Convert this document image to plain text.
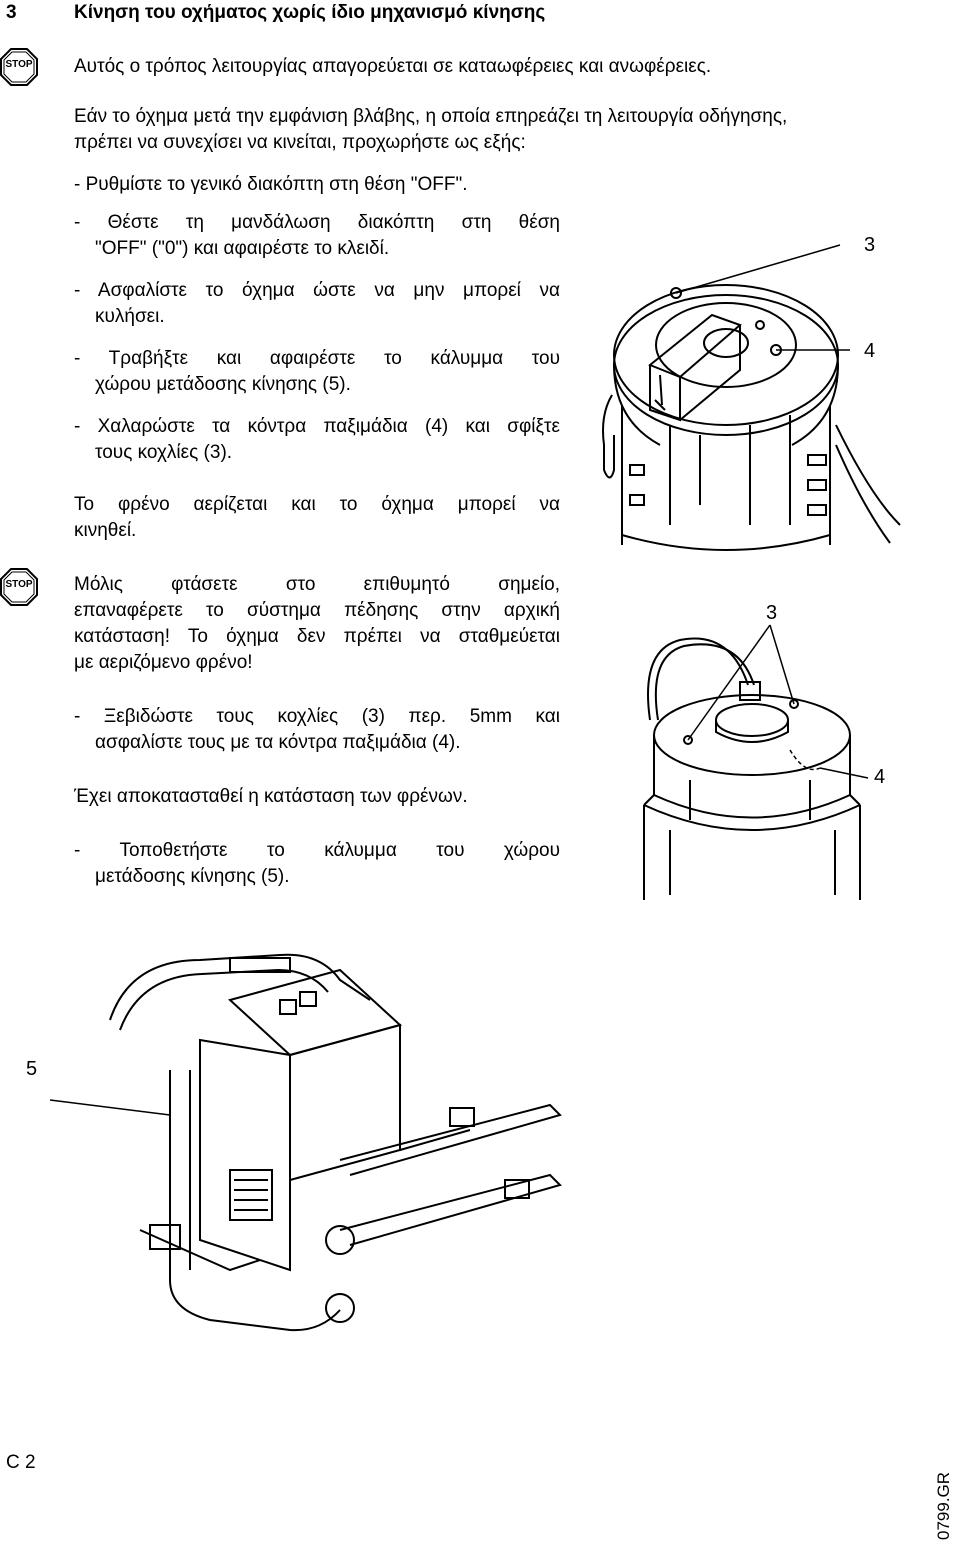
3	Κίνηση του οχήματος χωρίς ίδιο μηχανισμό κίνησης
STOP Αυτός ο τρόπος λειτουργίας απαγορεύεται σε καταωφέρειες και ανωφέρειες.
Εάν το όχημα μετά την εμφάνιση βλάβης, η οποία επηρεάζει τη λειτουργία οδήγησης,
πρέπει να συνεχίσει να κινείται, προχωρήστε ως εξής:
- Ρυθμίστε το γενικό διακόπτη στη θέση "OFF".
- Θέστε τη μανδάλωση διακόπτη στη θέση
"OFF" ("0") και αφαιρέστε το κλειδί.
- Ασφαλίστε το όχημα ώστε να μην μπορεί να
κυλήσει.
- Τραβήξτε και αφαιρέστε το κάλυμμα του
χώρου μετάδοσης κίνησης (5).
- Χαλαρώστε τα κόντρα παξιμάδια (4) και σφίξτε
τους κοχλίες (3).
Το φρένο αερίζεται και το όχημα μπορεί να
κινηθεί.
STOP Μόλις φτάσετε στο επιθυμητό σημείο,
επαναφέρετε το σύστημα πέδησης στην αρχική
κατάσταση! Το όχημα δεν πρέπει να σταθμεύεται
με αεριζόμενο φρένο!
- Ξεβιδώστε τους κοχλίες (3) περ. 5mm και
ασφαλίστε τους με τα κόντρα παξιμάδια (4).
Έχει αποκατασταθεί η κατάσταση των φρένων.
- Τοποθετήστε το κάλυμμα του χώρου
μετάδοσης κίνησης (5).
3
4
3
4
5
C 2
0799.GR
